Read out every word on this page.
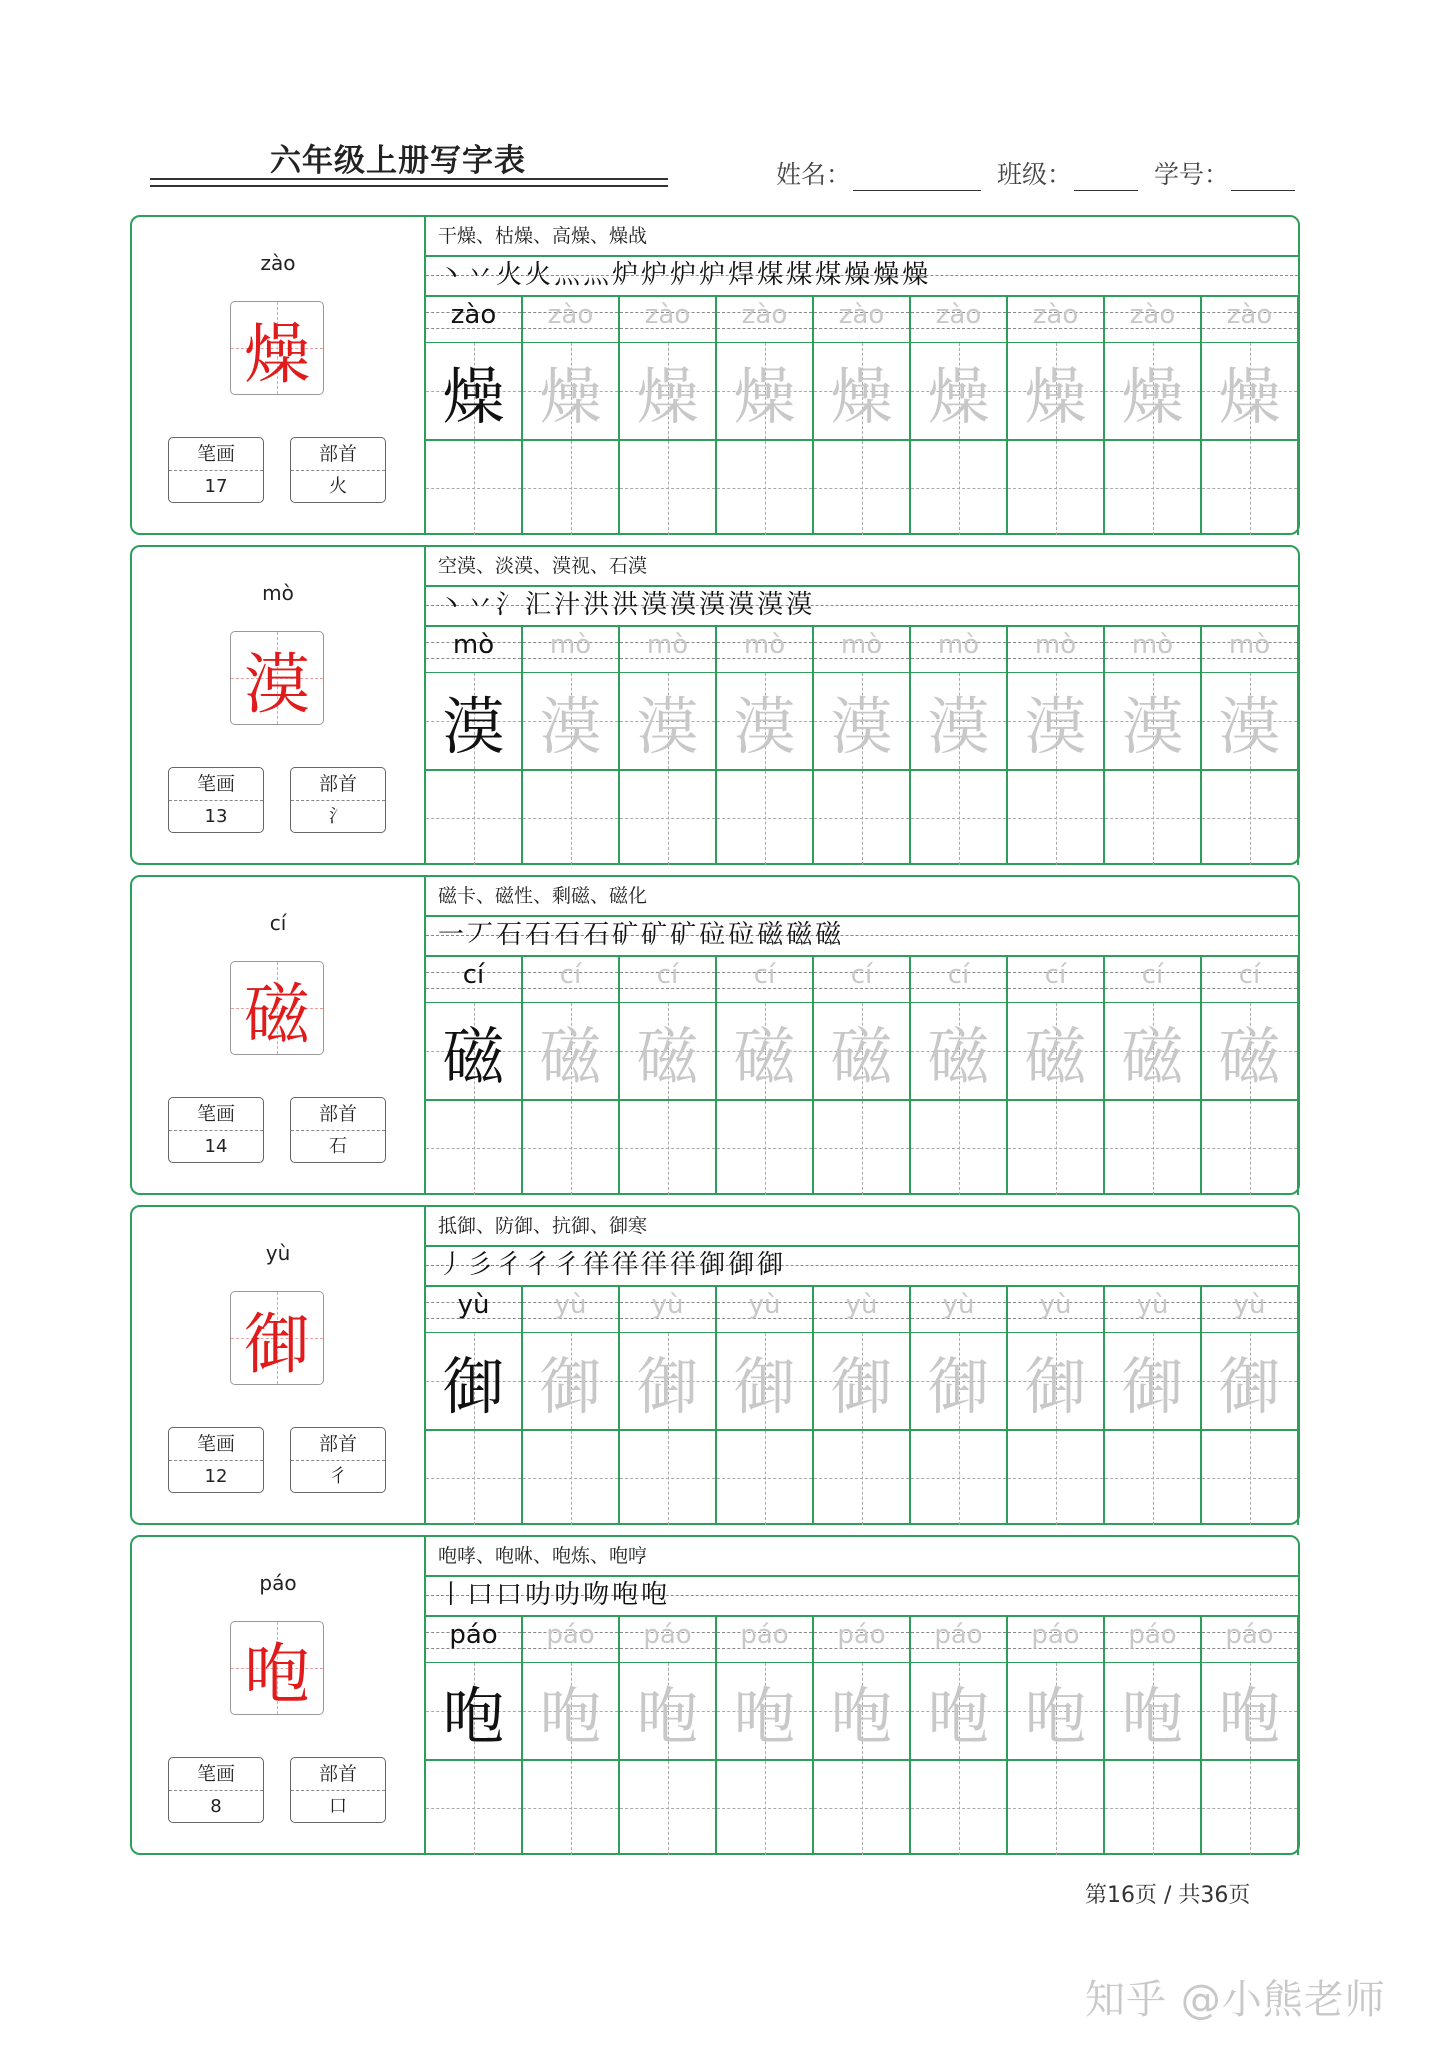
六年级上册写字表	姓名：	班级：	学号：
zào
燥
笔画
17
部首
火
干燥、枯燥、高燥、燥战
丶丷火火灬灬炉炉炉炉焊煤煤煤燥燥燥
zào
燥
zào
燥
zào
燥
zào
燥
zào
燥
zào
燥
zào
燥
zào
燥
zào
燥
mò
漠
笔画
13
部首
氵
空漠、淡漠、漠视、石漠
丶丷氵汇汁洪洪漠漠漠漠漠漠
mò
漠
mò
漠
mò
漠
mò
漠
mò
漠
mò
漠
mò
漠
mò
漠
mò
漠
cí
磁
笔画
14
部首
石
磁卡、磁性、剩磁、磁化
一丆石石石石矿矿矿砬砬磁磁磁
cí
磁
cí
磁
cí
磁
cí
磁
cí
磁
cí
磁
cí
磁
cí
磁
cí
磁
yù
御
笔画
12
部首
彳
抵御、防御、抗御、御寒
丿彡彳彳彳徉徉徉徉御御御
yù
御
yù
御
yù
御
yù
御
yù
御
yù
御
yù
御
yù
御
yù
御
páo
咆
笔画
8
部首
口
咆哮、咆咻、咆炼、咆哼
丨口口叻叻吻咆咆
páo
咆
páo
咆
páo
咆
páo
咆
páo
咆
páo
咆
páo
咆
páo
咆
páo
咆
第16页 / 共36页
知乎 @小熊老师
